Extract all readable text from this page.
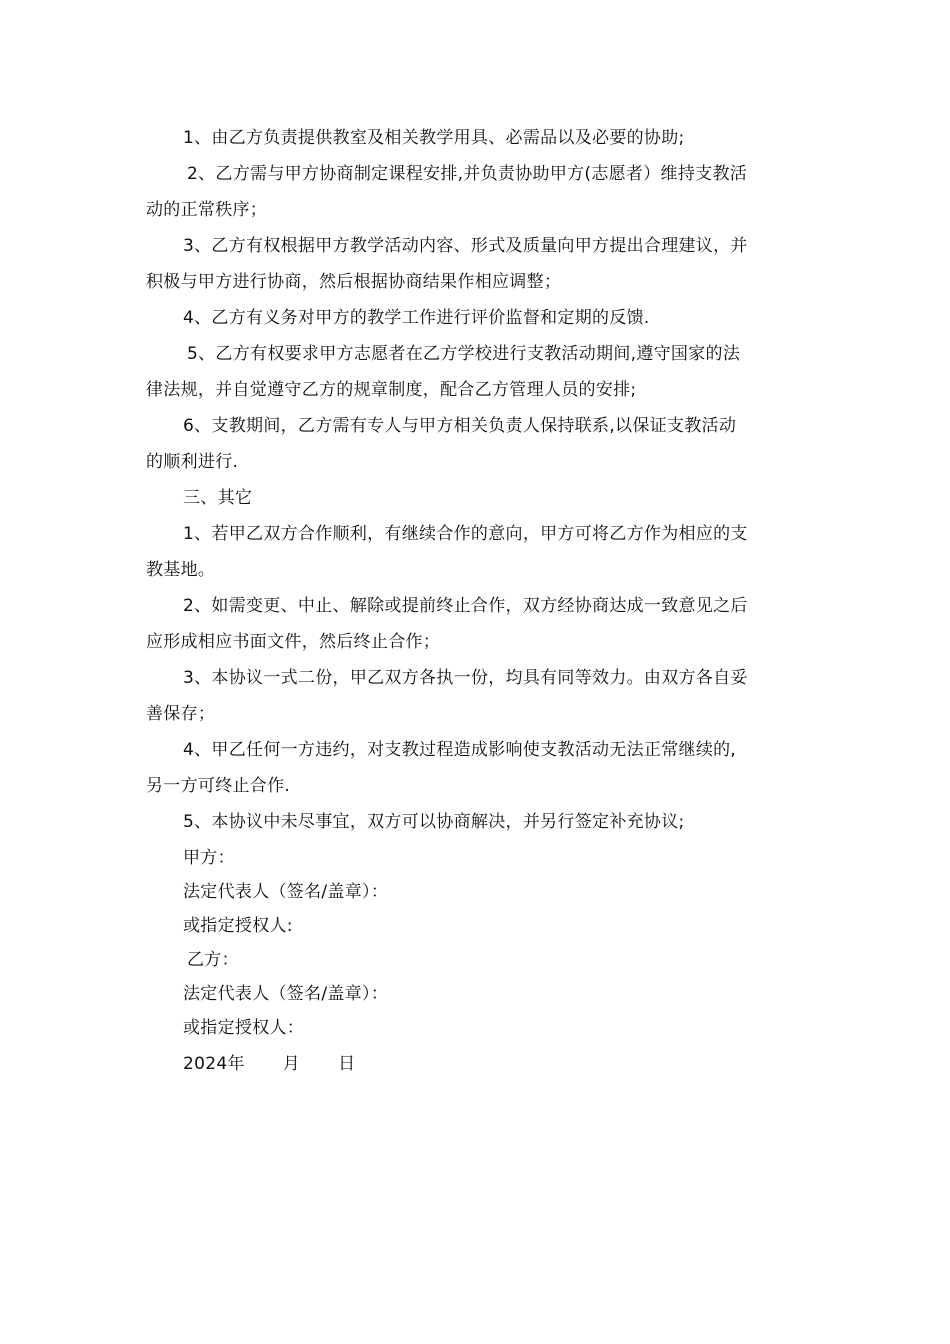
1、由乙方负责提供教室及相关教学用具、必需品以及必要的协助;
2、乙方需与甲方协商制定课程安排,并负责协助甲方(志愿者）维持支教活
动的正常秩序；
3、乙方有权根据甲方教学活动内容、形式及质量向甲方提出合理建议，并
积极与甲方进行协商，然后根据协商结果作相应调整；
4、乙方有义务对甲方的教学工作进行评价监督和定期的反馈.
5、乙方有权要求甲方志愿者在乙方学校进行支教活动期间,遵守国家的法
律法规，并自觉遵守乙方的规章制度，配合乙方管理人员的安排;
6、支教期间，乙方需有专人与甲方相关负责人保持联系,以保证支教活动
的顺利进行.
三、其它
1、若甲乙双方合作顺利，有继续合作的意向，甲方可将乙方作为相应的支
教基地。
2、如需变更、中止、解除或提前终止合作，双方经协商达成一致意见之后
应形成相应书面文件，然后终止合作；
3、本协议一式二份，甲乙双方各执一份，均具有同等效力。由双方各自妥
善保存；
4、甲乙任何一方违约，对支教过程造成影响使支教活动无法正常继续的,
另一方可终止合作.
5、本协议中未尽事宜，双方可以协商解决，并另行签定补充协议;
甲方：
法定代表人（签名/盖章）：
或指定授权人:
乙方：
法定代表人（签名/盖章）：
或指定授权人：
2024年 月 日
